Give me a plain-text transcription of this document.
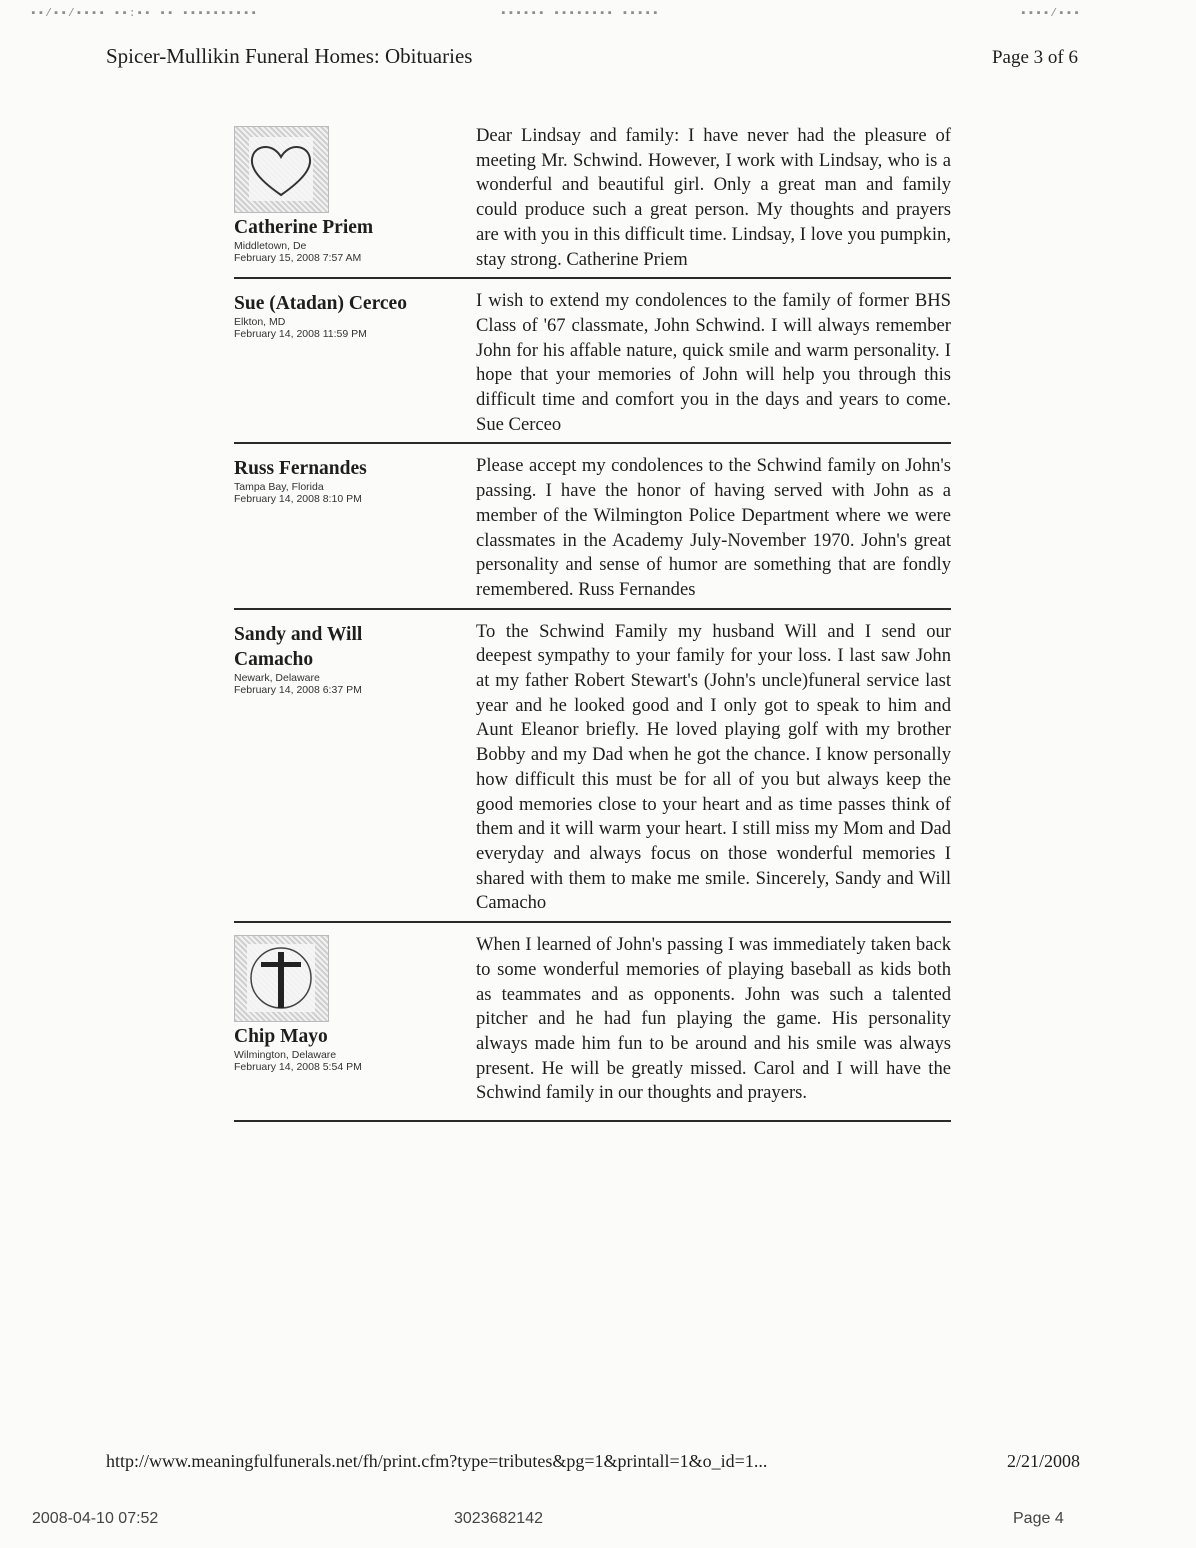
▪▪/▪▪/▪▪▪▪ ▪▪:▪▪ ▪▪ ▪▪▪▪▪▪▪▪▪▪	▪▪▪▪▪▪ ▪▪▪▪▪▪▪▪ ▪▪▪▪▪	▪▪▪▪/▪▪▪
Spicer-Mullikin Funeral Homes: Obituaries	Page 3 of 6
Catherine Priem
Middletown, De
February 15, 2008 7:57 AM
Dear Lindsay and family: I have never had the pleasure of meeting Mr. Schwind. However, I work with Lindsay, who is a wonderful and beautiful girl. Only a great man and family could produce such a great person. My thoughts and prayers are with you in this difficult time. Lindsay, I love you pumpkin, stay strong. Catherine Priem
Sue (Atadan) Cerceo
Elkton, MD
February 14, 2008 11:59 PM
I wish to extend my condolences to the family of former BHS Class of '67 classmate, John Schwind. I will always remember John for his affable nature, quick smile and warm personality. I hope that your memories of John will help you through this difficult time and comfort you in the days and years to come. Sue Cerceo
Russ Fernandes
Tampa Bay, Florida
February 14, 2008 8:10 PM
Please accept my condolences to the Schwind family on John's passing. I have the honor of having served with John as a member of the Wilmington Police Department where we were classmates in the Academy July-November 1970. John's great personality and sense of humor are something that are fondly remembered. Russ Fernandes
Sandy and Will Camacho
Newark, Delaware
February 14, 2008 6:37 PM
To the Schwind Family my husband Will and I send our deepest sympathy to your family for your loss. I last saw John at my father Robert Stewart's (John's uncle)funeral service last year and he looked good and I only got to speak to him and Aunt Eleanor briefly. He loved playing golf with my brother Bobby and my Dad when he got the chance. I know personally how difficult this must be for all of you but always keep the good memories close to your heart and as time passes think of them and it will warm your heart. I still miss my Mom and Dad everyday and always focus on those wonderful memories I shared with them to make me smile. Sincerely, Sandy and Will Camacho
Chip Mayo
Wilmington, Delaware
February 14, 2008 5:54 PM
When I learned of John's passing I was immediately taken back to some wonderful memories of playing baseball as kids both as teammates and as opponents. John was such a talented pitcher and he had fun playing the game. His personality always made him fun to be around and his smile was always present. He will be greatly missed. Carol and I will have the Schwind family in our thoughts and prayers.
http://www.meaningfulfunerals.net/fh/print.cfm?type=tributes&pg=1&printall=1&o_id=1...	2/21/2008
2008-04-10 07:52	3023682142	Page 4
